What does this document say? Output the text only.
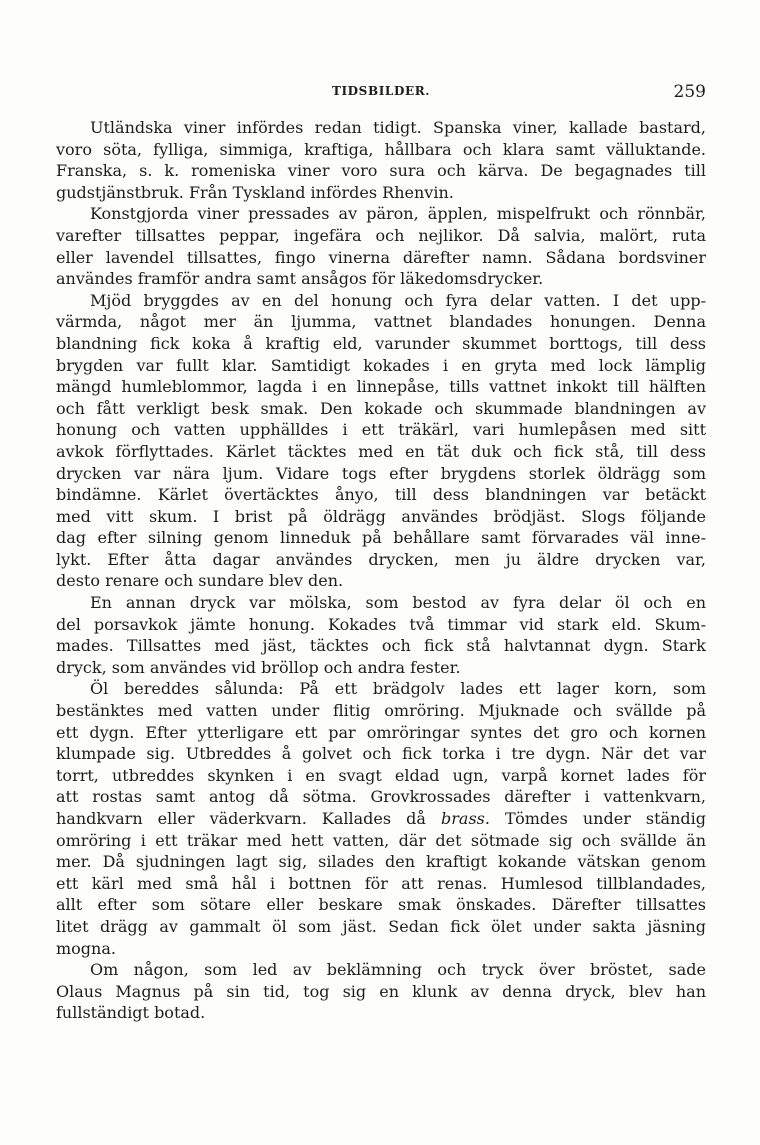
TIDSBILDER.	259
Utländska viner infördes redan tidigt. Spanska viner, kallade bastard,
voro söta, fylliga, simmiga, kraftiga, hållbara och klara samt välluktande.
Franska, s. k. romeniska viner voro sura och kärva. De begagnades till
gudstjänstbruk. Från Tyskland infördes Rhenvin.
Konstgjorda viner pressades av päron, äpplen, mispelfrukt och rönnbär,
varefter tillsattes peppar, ingefära och nejlikor. Då salvia, malört, ruta
eller lavendel tillsattes, fingo vinerna därefter namn. Sådana bordsviner
användes framför andra samt ansågos för läkedomsdrycker.
Mjöd bryggdes av en del honung och fyra delar vatten. I det upp-
värmda, något mer än ljumma, vattnet blandades honungen. Denna
blandning fick koka å kraftig eld, varunder skummet borttogs, till dess
brygden var fullt klar. Samtidigt kokades i en gryta med lock lämplig
mängd humleblommor, lagda i en linnepåse, tills vattnet inkokt till hälften
och fått verkligt besk smak. Den kokade och skummade blandningen av
honung och vatten upphälldes i ett träkärl, vari humlepåsen med sitt
avkok förflyttades. Kärlet täcktes med en tät duk och fick stå, till dess
drycken var nära ljum. Vidare togs efter brygdens storlek öldrägg som
bindämne. Kärlet övertäcktes ånyo, till dess blandningen var betäckt
med vitt skum. I brist på öldrägg användes brödjäst. Slogs följande
dag efter silning genom linneduk på behållare samt förvarades väl inne-
lykt. Efter åtta dagar användes drycken, men ju äldre drycken var,
desto renare och sundare blev den.
En annan dryck var mölska, som bestod av fyra delar öl och en
del porsavkok jämte honung. Kokades två timmar vid stark eld. Skum-
mades. Tillsattes med jäst, täcktes och fick stå halvtannat dygn. Stark
dryck, som användes vid bröllop och andra fester.
Öl bereddes sålunda: På ett brädgolv lades ett lager korn, som
bestänktes med vatten under flitig omröring. Mjuknade och svällde på
ett dygn. Efter ytterligare ett par omröringar syntes det gro och kornen
klumpade sig. Utbreddes å golvet och fick torka i tre dygn. När det var
torrt, utbreddes skynken i en svagt eldad ugn, varpå kornet lades för
att rostas samt antog då sötma. Grovkrossades därefter i vattenkvarn,
handkvarn eller väderkvarn. Kallades då brass. Tömdes under ständig
omröring i ett träkar med hett vatten, där det sötmade sig och svällde än
mer. Då sjudningen lagt sig, silades den kraftigt kokande vätskan genom
ett kärl med små hål i bottnen för att renas. Humlesod tillblandades,
allt efter som sötare eller beskare smak önskades. Därefter tillsattes
litet drägg av gammalt öl som jäst. Sedan fick ölet under sakta jäsning
mogna.
Om någon, som led av beklämning och tryck över bröstet, sade
Olaus Magnus på sin tid, tog sig en klunk av denna dryck, blev han
fullständigt botad.
